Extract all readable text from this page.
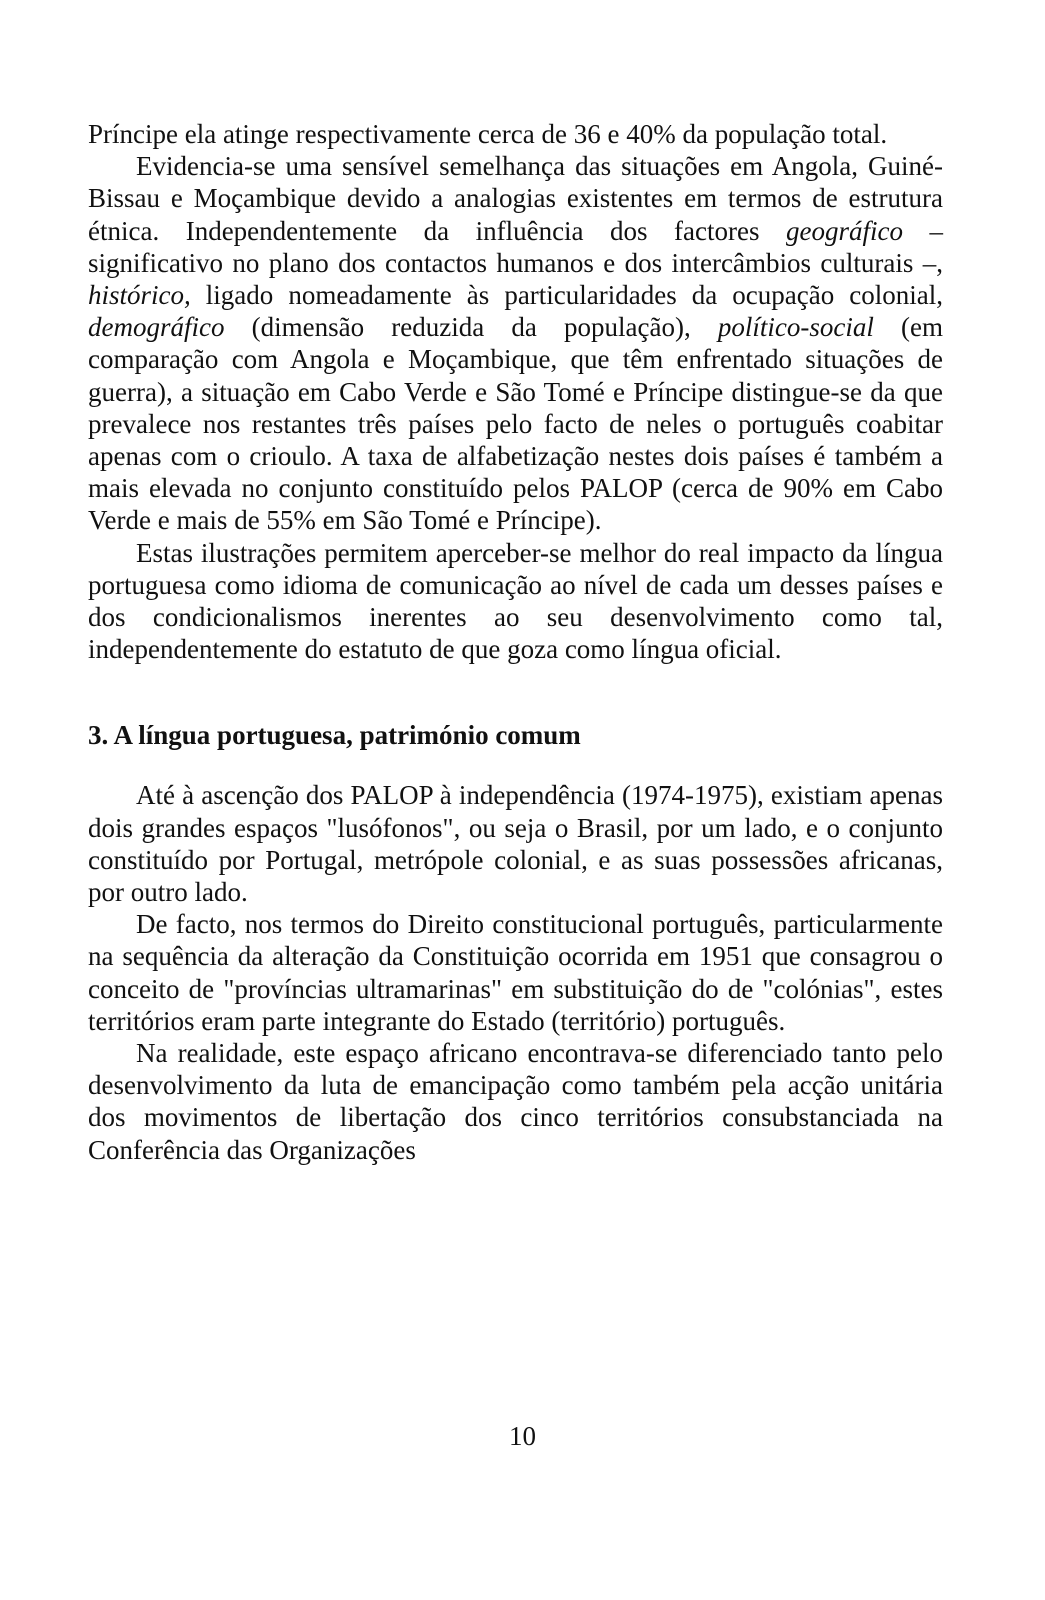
Príncipe ela atinge respectivamente cerca de 36 e 40% da população total.

Evidencia-se uma sensível semelhança das situações em Angola, Guiné-Bissau e Moçambique devido a analogias existentes em termos de estrutura étnica. Independentemente da influência dos factores geográfico – significativo no plano dos contactos humanos e dos intercâmbios culturais –, histórico, ligado nomeadamente às particularidades da ocupação colonial, demográfico (dimensão reduzida da população), político-social (em comparação com Angola e Moçambique, que têm enfrentado situações de guerra), a situação em Cabo Verde e São Tomé e Príncipe distingue-se da que prevalece nos restantes três países pelo facto de neles o português coabitar apenas com o crioulo. A taxa de alfabetização nestes dois países é também a mais elevada no conjunto constituído pelos PALOP (cerca de 90% em Cabo Verde e mais de 55% em São Tomé e Príncipe).

Estas ilustrações permitem aperceber-se melhor do real impacto da língua portuguesa como idioma de comunicação ao nível de cada um desses países e dos condicionalismos inerentes ao seu desenvolvimento como tal, independentemente do estatuto de que goza como língua oficial.

3. A língua portuguesa, património comum

Até à ascenção dos PALOP à independência (1974-1975), existiam apenas dois grandes espaços "lusófonos", ou seja o Brasil, por um lado, e o conjunto constituído por Portugal, metrópole colonial, e as suas possessões africanas, por outro lado.

De facto, nos termos do Direito constitucional português, particularmente na sequência da alteração da Constituição ocorrida em 1951 que consagrou o conceito de "províncias ultramarinas" em substituição do de "colónias", estes territórios eram parte integrante do Estado (território) português.

Na realidade, este espaço africano encontrava-se diferenciado tanto pelo desenvolvimento da luta de emancipação como também pela acção unitária dos movimentos de libertação dos cinco territórios consubstanciada na Conferência das Organizações

10
